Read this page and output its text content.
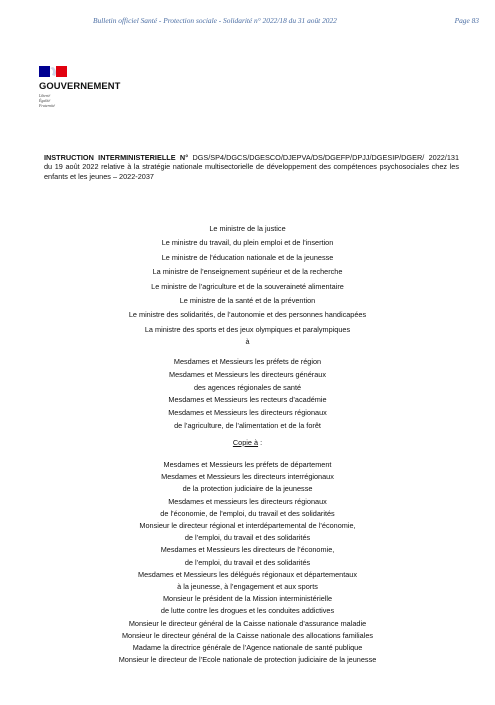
Bulletin officiel Santé - Protection sociale - Solidarité n° 2022/18 du 31 août 2022	Page 83
GOUVERNEMENT
Liberté
Égalité
Fraternité
INSTRUCTION INTERMINISTERIELLE N° DGS/SP4/DGCS/DGESCO/DJEPVA/DS/DGEFP/DPJJ/DGESIP/DGER/ 2022/131 du 19 août 2022 relative à la stratégie nationale multisectorielle de développement des compétences psychosociales chez les enfants et les jeunes – 2022-2037
Le ministre de la justice
Le ministre du travail, du plein emploi et de l’insertion
Le ministre de l’éducation nationale et de la jeunesse
La ministre de l’enseignement supérieur et de la recherche
Le ministre de l’agriculture et de la souveraineté alimentaire
Le ministre de la santé et de la prévention
Le ministre des solidarités, de l’autonomie et des personnes handicapées
La ministre des sports et des jeux olympiques et paralympiques
à
Mesdames et Messieurs les préfets de région
Mesdames et Messieurs les directeurs généraux
des agences régionales de santé
Mesdames et Messieurs les recteurs d’académie
Mesdames et Messieurs les directeurs régionaux
de l’agriculture, de l’alimentation et de la forêt
Copie à :
Mesdames et Messieurs les préfets de département
Mesdames et Messieurs les directeurs interrégionaux
de la protection judiciaire de la jeunesse
Mesdames et messieurs les directeurs régionaux
de l’économie, de l’emploi, du travail et des solidarités
Monsieur le directeur régional et interdépartemental de l’économie,
de l’emploi, du travail et des solidarités
Mesdames et Messieurs les directeurs de l’économie,
de l’emploi, du travail et des solidarités
Mesdames et Messieurs les délégués régionaux et départementaux
à la jeunesse, à l’engagement et aux sports
Monsieur le président de la Mission interministérielle
de lutte contre les drogues et les conduites addictives
Monsieur le directeur général de la Caisse nationale d’assurance maladie
Monsieur le directeur général de la Caisse nationale des allocations familiales
Madame la directrice générale de l’Agence nationale de santé publique
Monsieur le directeur de l’Ecole nationale de protection judiciaire de la jeunesse
